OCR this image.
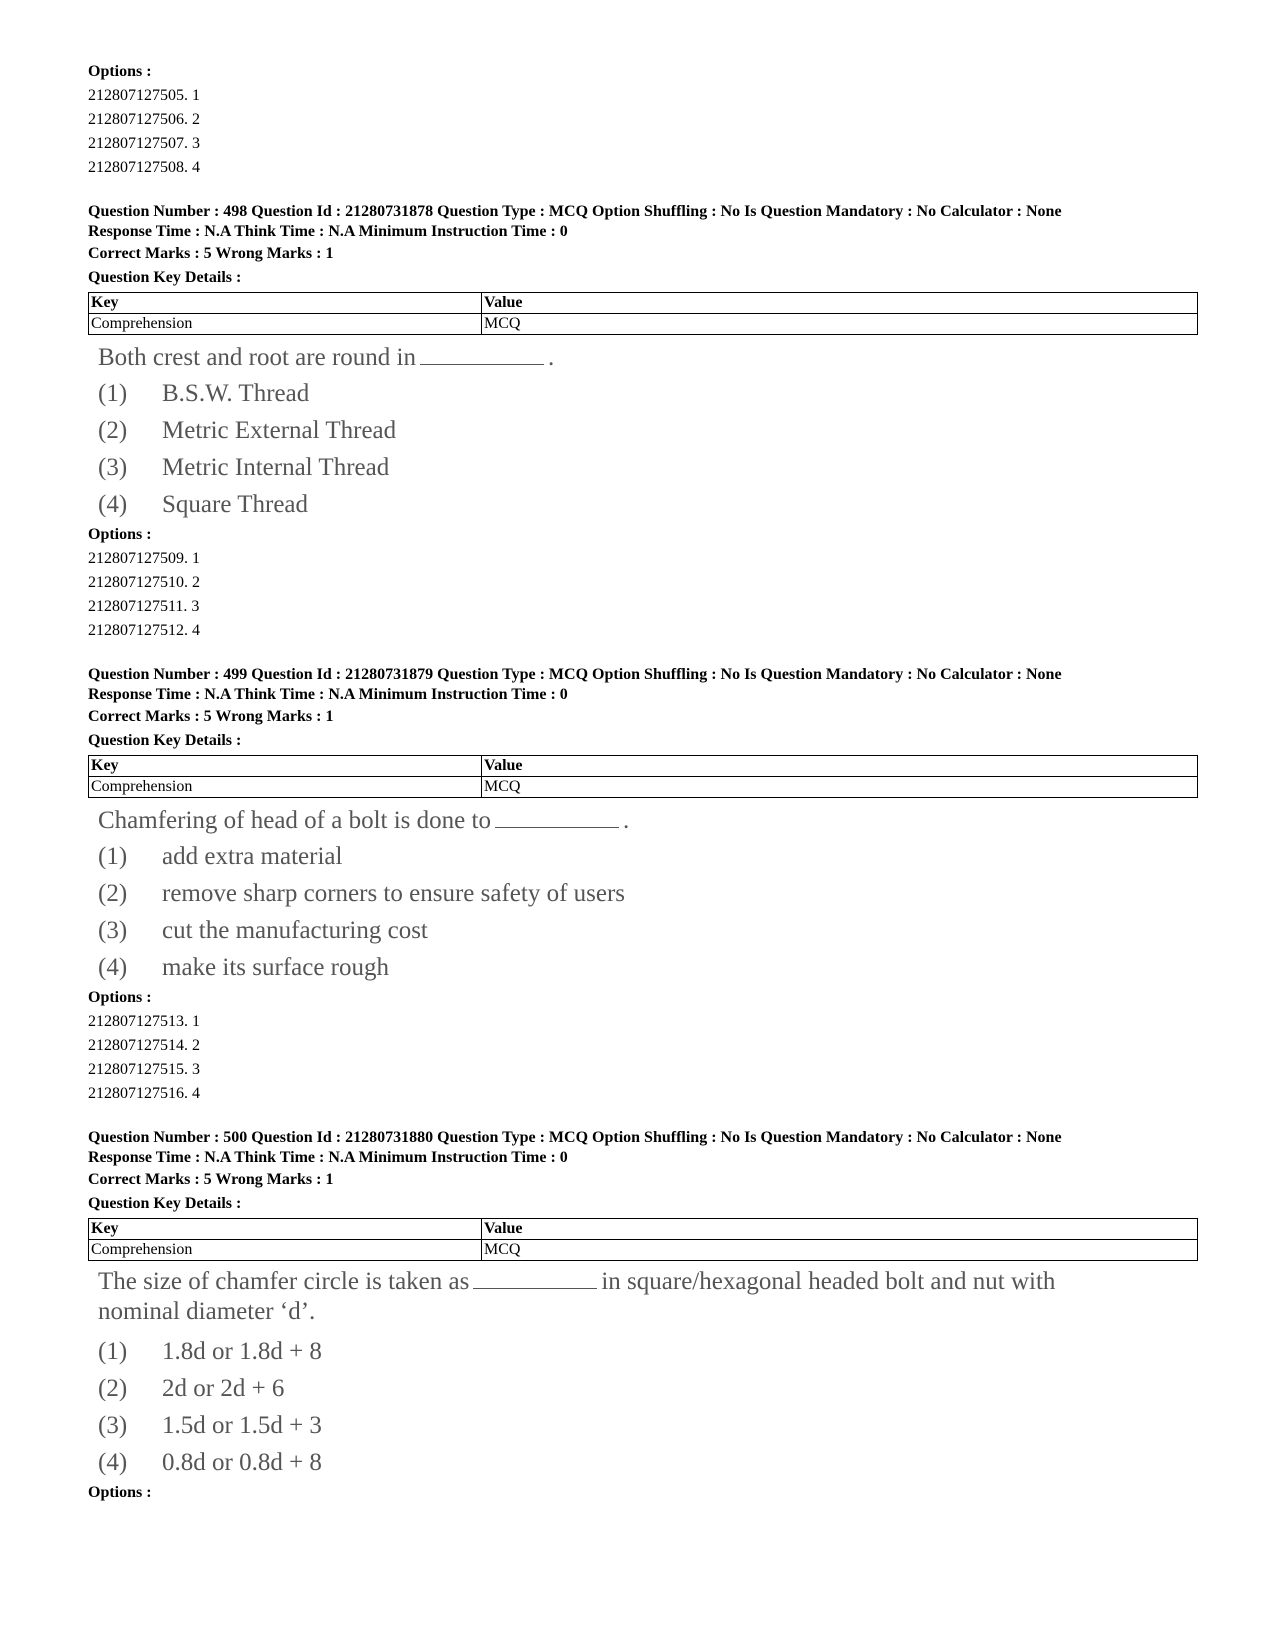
Options :
212807127505. 1
212807127506. 2
212807127507. 3
212807127508. 4
Question Number : 498 Question Id : 21280731878 Question Type : MCQ Option Shuffling : No Is Question Mandatory : No Calculator : None
Response Time : N.A Think Time : N.A Minimum Instruction Time : 0
Correct Marks : 5 Wrong Marks : 1
Question Key Details :
Key	Value
Comprehension	MCQ
Both crest and root are round in	.
(1) B.S.W. Thread
(2) Metric External Thread
(3) Metric Internal Thread
(4) Square Thread
Options :
212807127509. 1
212807127510. 2
212807127511. 3
212807127512. 4
Question Number : 499 Question Id : 21280731879 Question Type : MCQ Option Shuffling : No Is Question Mandatory : No Calculator : None
Response Time : N.A Think Time : N.A Minimum Instruction Time : 0
Correct Marks : 5 Wrong Marks : 1
Question Key Details :
Key	Value
Comprehension	MCQ
Chamfering of head of a bolt is done to	.
(1) add extra material
(2) remove sharp corners to ensure safety of users
(3) cut the manufacturing cost
(4) make its surface rough
Options :
212807127513. 1
212807127514. 2
212807127515. 3
212807127516. 4
Question Number : 500 Question Id : 21280731880 Question Type : MCQ Option Shuffling : No Is Question Mandatory : No Calculator : None
Response Time : N.A Think Time : N.A Minimum Instruction Time : 0
Correct Marks : 5 Wrong Marks : 1
Question Key Details :
Key	Value
Comprehension	MCQ
The size of chamfer circle is taken as	in square/hexagonal headed bolt and nut with
nominal diameter ‘d’.
(1) 1.8d or 1.8d + 8
(2) 2d or 2d + 6
(3) 1.5d or 1.5d + 3
(4) 0.8d or 0.8d + 8
Options :
